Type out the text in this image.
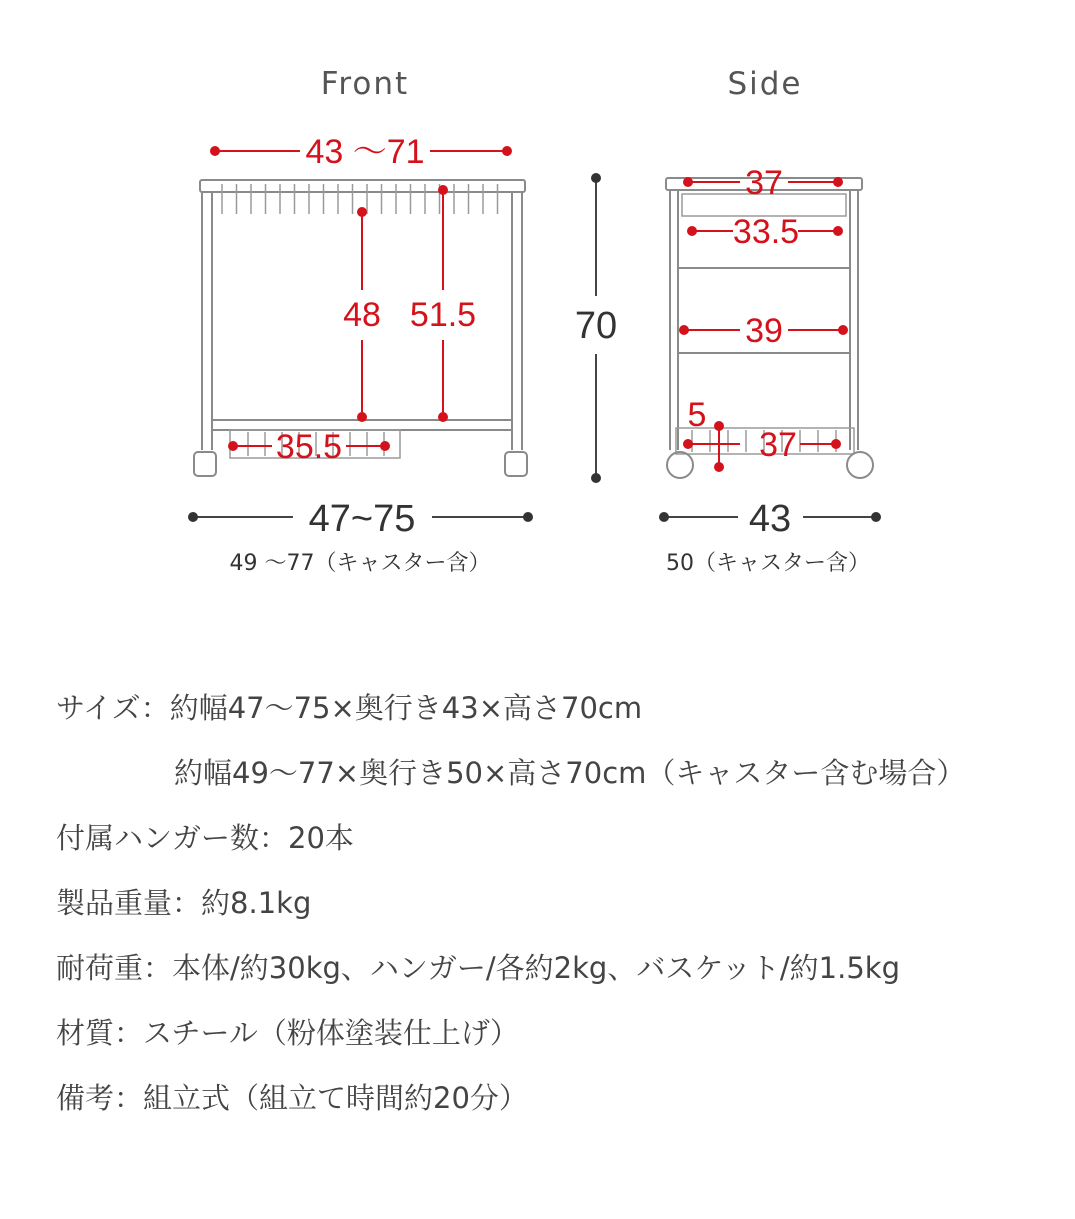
Front	Side
43 〜71
48 51.5
35.5
47~75
49 〜77（キャスター含）
70
37
33.5
39
5
37
43
50（キャスター含）
サイズ：約幅47〜75×奥行き43×高さ70cm
約幅49〜77×奥行き50×高さ70cm（キャスター含む場合）
付属ハンガー数：20本
製品重量：約8.1kg
耐荷重：本体/約30kg、ハンガー/各約2kg、バスケット/約1.5kg
材質：スチール（粉体塗装仕上げ）
備考：組立式（組立て時間約20分）
